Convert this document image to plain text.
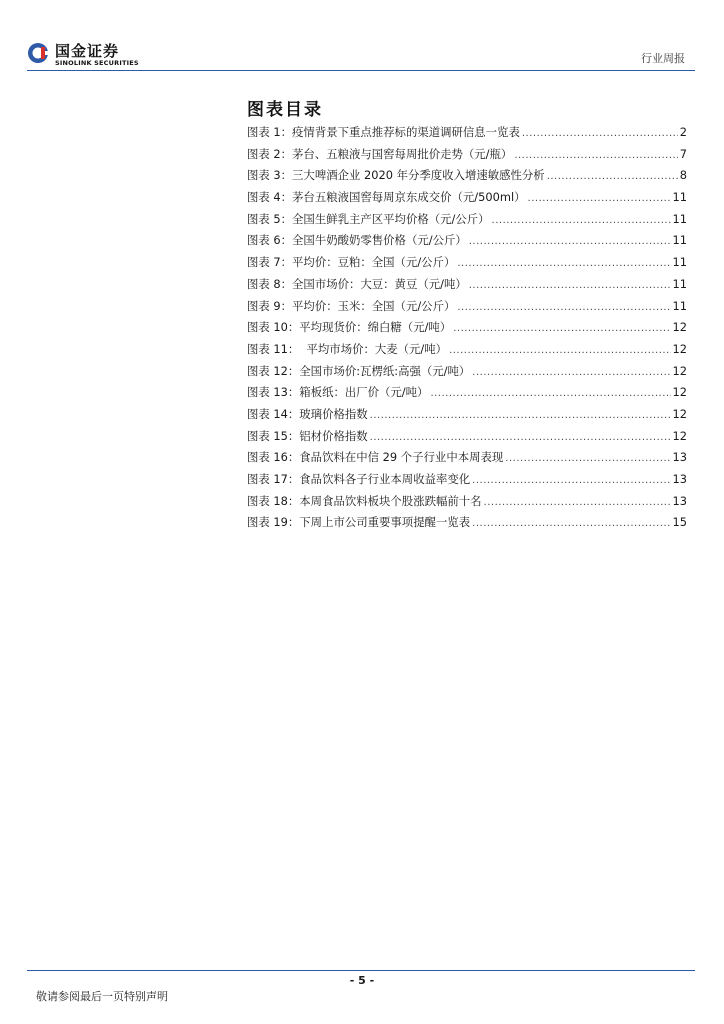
国金证券
SINOLINK SECURITIES	行业周报
图表目录
图表 1：疫情背景下重点推荐标的渠道调研信息一览表 .....	2
图表 2：茅台、五粮液与国窖每周批价走势（元/瓶） .....	7
图表 3：三大啤酒企业 2020 年分季度收入增速敏感性分析 .....	8
图表 4：茅台五粮液国窖每周京东成交价（元/500ml） .....	11
图表 5：全国生鲜乳主产区平均价格（元/公斤） .....	11
图表 6：全国牛奶酸奶零售价格（元/公斤） .....	11
图表 7：平均价：豆粕：全国（元/公斤） .....	11
图表 8：全国市场价：大豆：黄豆（元/吨） .....	11
图表 9：平均价：玉米：全国（元/公斤） .....	11
图表 10：平均现货价：绵白糖（元/吨） .....	12
图表 11：  平均市场价：大麦（元/吨） .....	12
图表 12：全国市场价:瓦楞纸:高强（元/吨） .....	12
图表 13：箱板纸：出厂价（元/吨） .....	12
图表 14：玻璃价格指数 .....	12
图表 15：铝材价格指数 .....	12
图表 16：食品饮料在中信 29 个子行业中本周表现 .....	13
图表 17：食品饮料各子行业本周收益率变化 .....	13
图表 18：本周食品饮料板块个股涨跌幅前十名 .....	13
图表 19：下周上市公司重要事项提醒一览表 .....	15
- 5 -
敬请参阅最后一页特别声明
